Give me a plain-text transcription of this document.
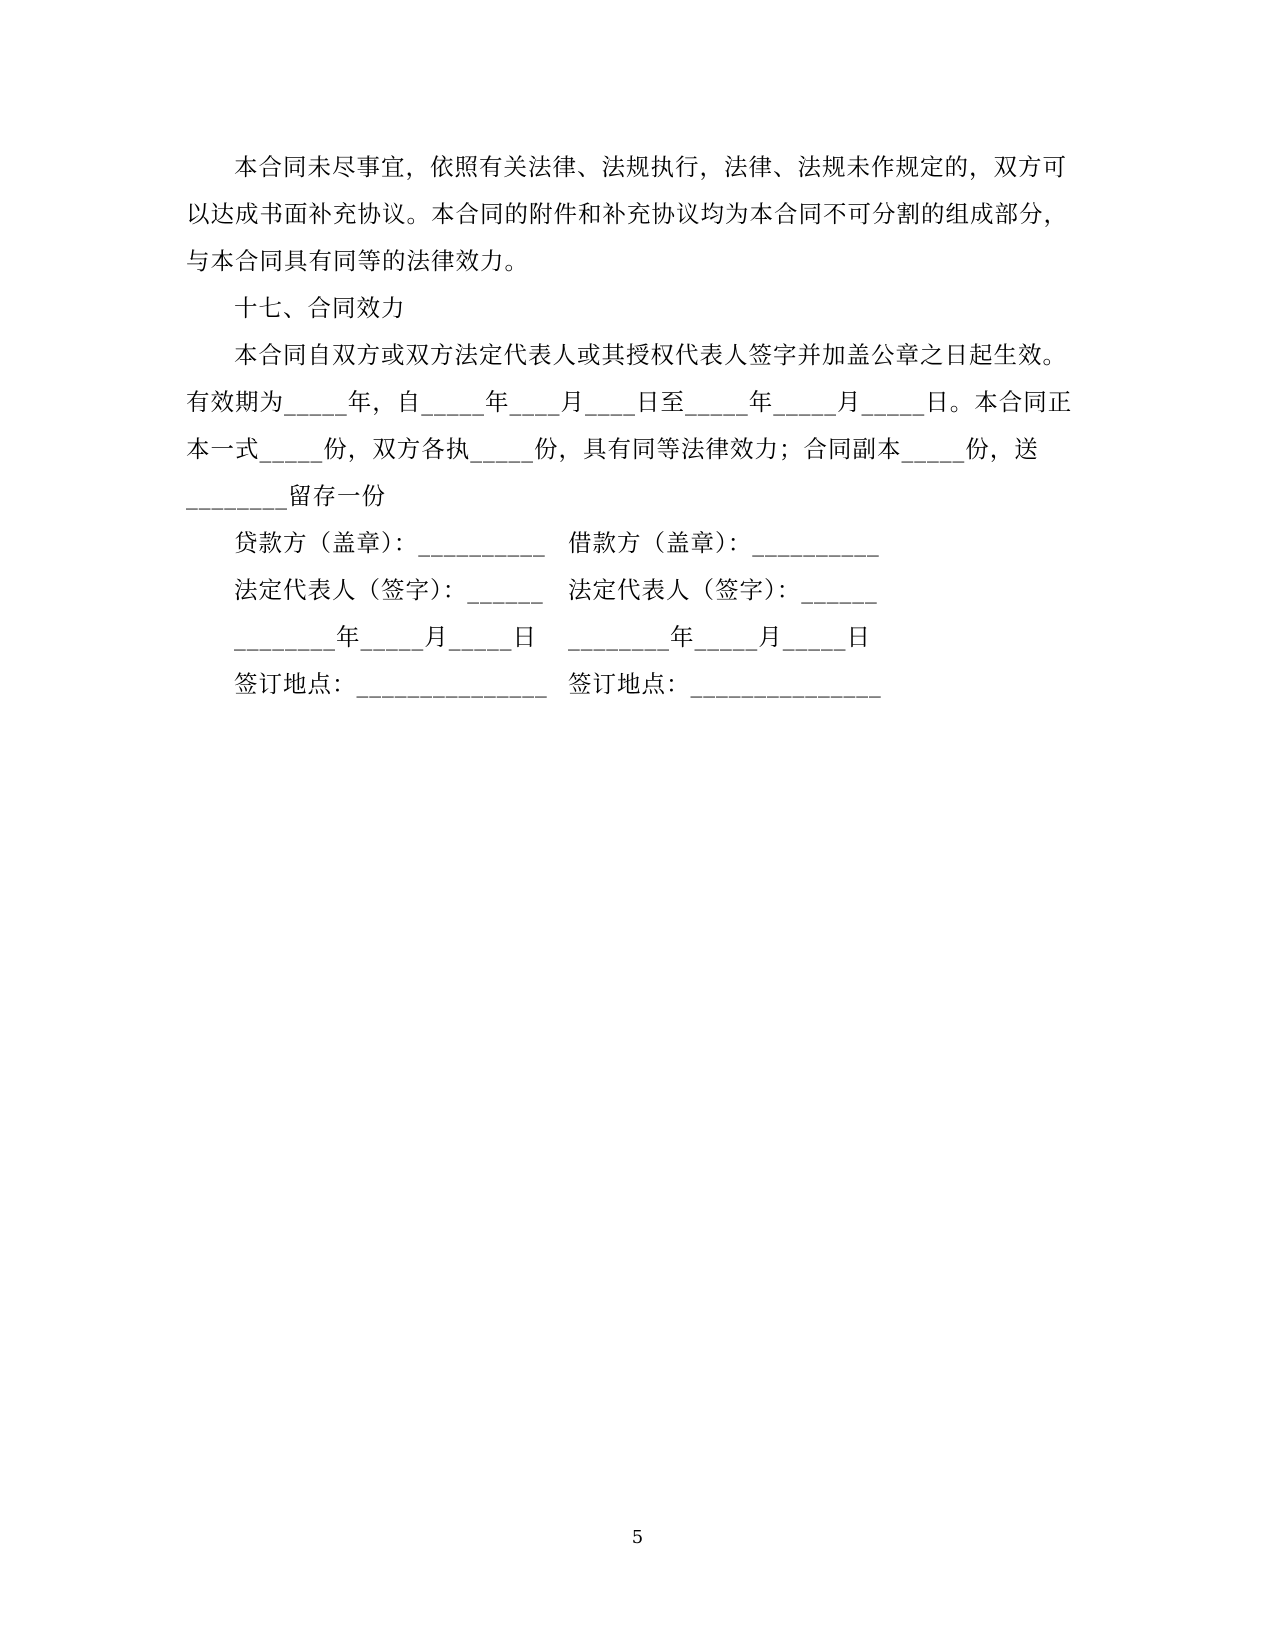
本合同未尽事宜，依照有关法律、法规执行，法律、法规未作规定的，双方可
以达成书面补充协议。本合同的附件和补充协议均为本合同不可分割的组成部分，
与本合同具有同等的法律效力。
十七、合同效力
本合同自双方或双方法定代表人或其授权代表人签字并加盖公章之日起生效。
有效期为_____年，自_____年____月____日至_____年_____月_____日。本合同正
本一式_____份，双方各执_____份，具有同等法律效力；合同副本_____份，送
________留存一份
贷款方（盖章）：__________ 借款方（盖章）：__________
法定代表人（签字）：______ 法定代表人（签字）：______
________年_____月_____日 ________年_____月_____日
签订地点：_______________ 签订地点：_______________
5
